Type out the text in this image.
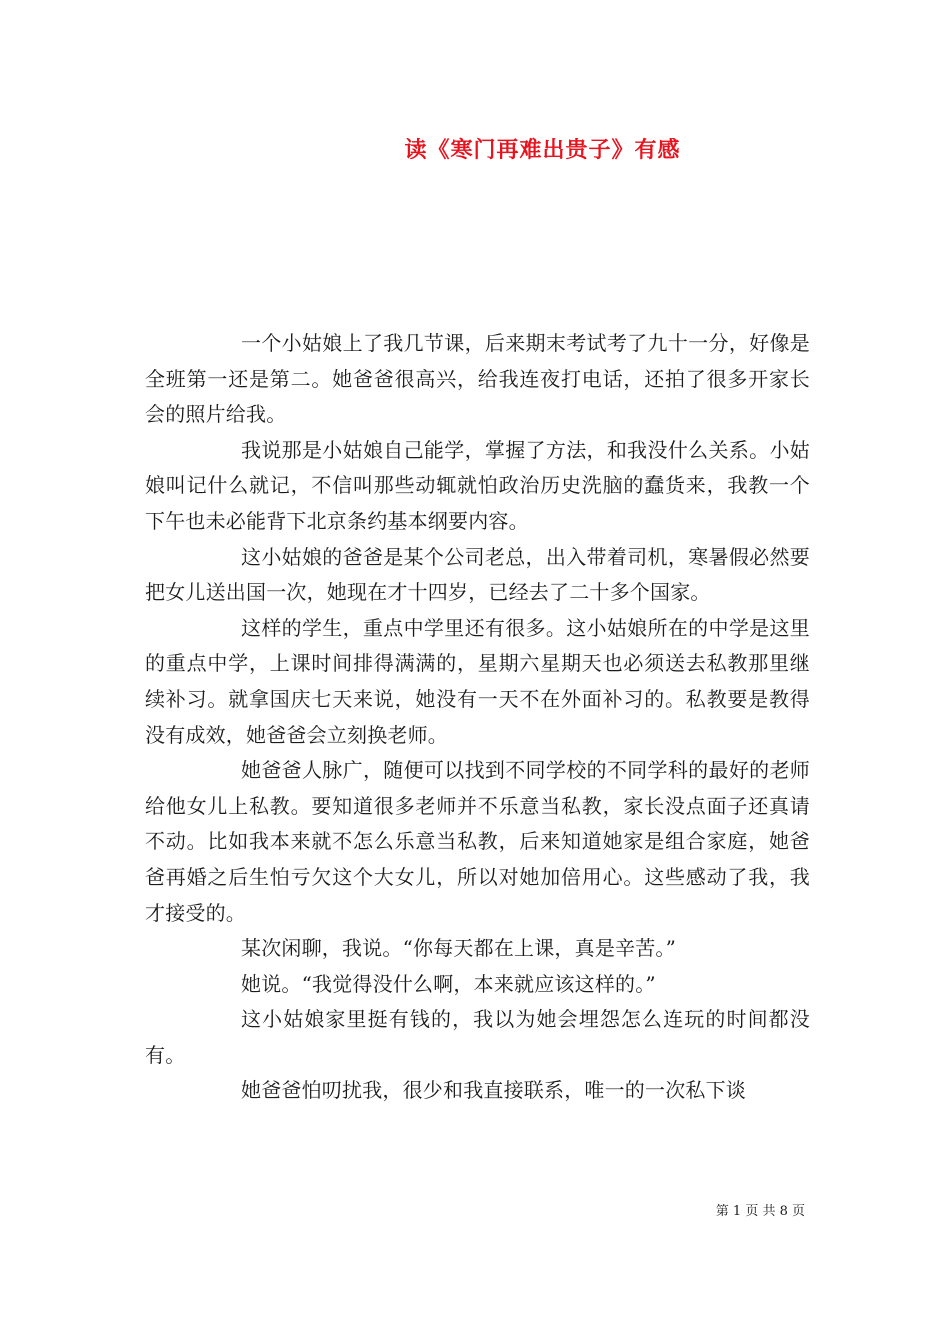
读《寒门再难出贵子》有感

一个小姑娘上了我几节课，后来期末考试考了九十一分，好像是全班第一还是第二。她爸爸很高兴，给我连夜打电话，还拍了很多开家长会的照片给我。

我说那是小姑娘自己能学，掌握了方法，和我没什么关系。小姑娘叫记什么就记，不信叫那些动辄就怕政治历史洗脑的蠢货来，我教一个下午也未必能背下北京条约基本纲要内容。

这小姑娘的爸爸是某个公司老总，出入带着司机，寒暑假必然要把女儿送出国一次，她现在才十四岁，已经去了二十多个国家。

这样的学生，重点中学里还有很多。这小姑娘所在的中学是这里的重点中学，上课时间排得满满的，星期六星期天也必须送去私教那里继续补习。就拿国庆七天来说，她没有一天不在外面补习的。私教要是教得没有成效，她爸爸会立刻换老师。

她爸爸人脉广，随便可以找到不同学校的不同学科的最好的老师给他女儿上私教。要知道很多老师并不乐意当私教，家长没点面子还真请不动。比如我本来就不怎么乐意当私教，后来知道她家是组合家庭，她爸爸再婚之后生怕亏欠这个大女儿，所以对她加倍用心。这些感动了我，我才接受的。

某次闲聊，我说。“你每天都在上课，真是辛苦。”

她说。“我觉得没什么啊，本来就应该这样的。”

这小姑娘家里挺有钱的，我以为她会埋怨怎么连玩的时间都没有。

她爸爸怕叨扰我，很少和我直接联系，唯一的一次私下谈

第 1 页 共 8 页
